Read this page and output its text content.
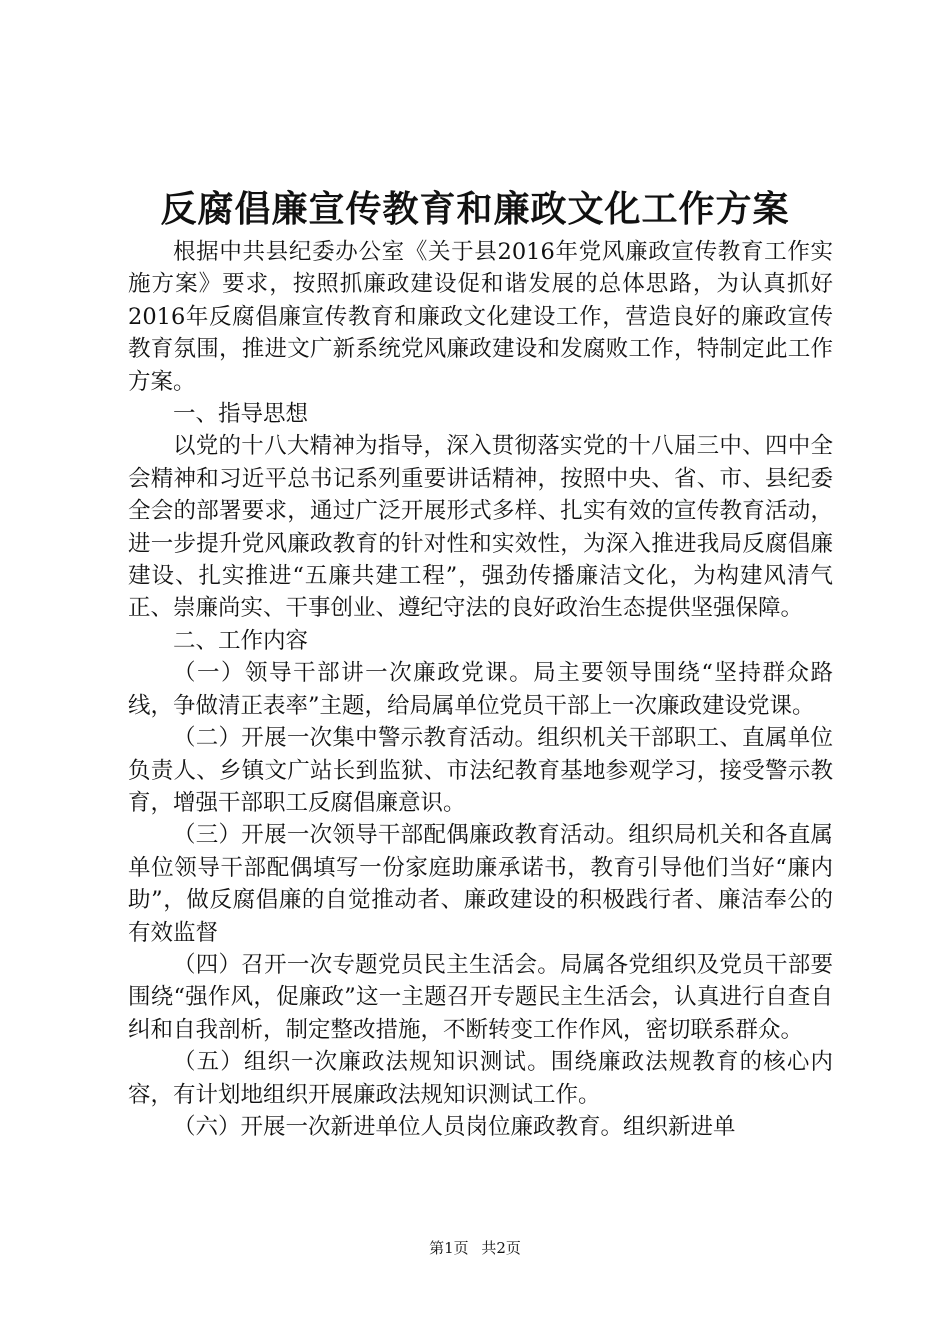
反腐倡廉宣传教育和廉政文化工作方案

根据中共县纪委办公室《关于县2016年党风廉政宣传教育工作实施方案》要求，按照抓廉政建设促和谐发展的总体思路，为认真抓好2016年反腐倡廉宣传教育和廉政文化建设工作，营造良好的廉政宣传教育氛围，推进文广新系统党风廉政建设和发腐败工作，特制定此工作方案。

一、指导思想

以党的十八大精神为指导，深入贯彻落实党的十八届三中、四中全会精神和习近平总书记系列重要讲话精神，按照中央、省、市、县纪委全会的部署要求，通过广泛开展形式多样、扎实有效的宣传教育活动，进一步提升党风廉政教育的针对性和实效性，为深入推进我局反腐倡廉建设、扎实推进“五廉共建工程”，强劲传播廉洁文化，为构建风清气正、崇廉尚实、干事创业、遵纪守法的良好政治生态提供坚强保障。

二、工作内容

（一）领导干部讲一次廉政党课。局主要领导围绕“坚持群众路线，争做清正表率”主题，给局属单位党员干部上一次廉政建设党课。

（二）开展一次集中警示教育活动。组织机关干部职工、直属单位负责人、乡镇文广站长到监狱、市法纪教育基地参观学习，接受警示教育，增强干部职工反腐倡廉意识。

（三）开展一次领导干部配偶廉政教育活动。组织局机关和各直属单位领导干部配偶填写一份家庭助廉承诺书，教育引导他们当好“廉内助”，做反腐倡廉的自觉推动者、廉政建设的积极践行者、廉洁奉公的有效监督

（四）召开一次专题党员民主生活会。局属各党组织及党员干部要围绕“强作风，促廉政”这一主题召开专题民主生活会，认真进行自查自纠和自我剖析，制定整改措施，不断转变工作作风，密切联系群众。

（五）组织一次廉政法规知识测试。围绕廉政法规教育的核心内容，有计划地组织开展廉政法规知识测试工作。

（六）开展一次新进单位人员岗位廉政教育。组织新进单

第1页 共2页
